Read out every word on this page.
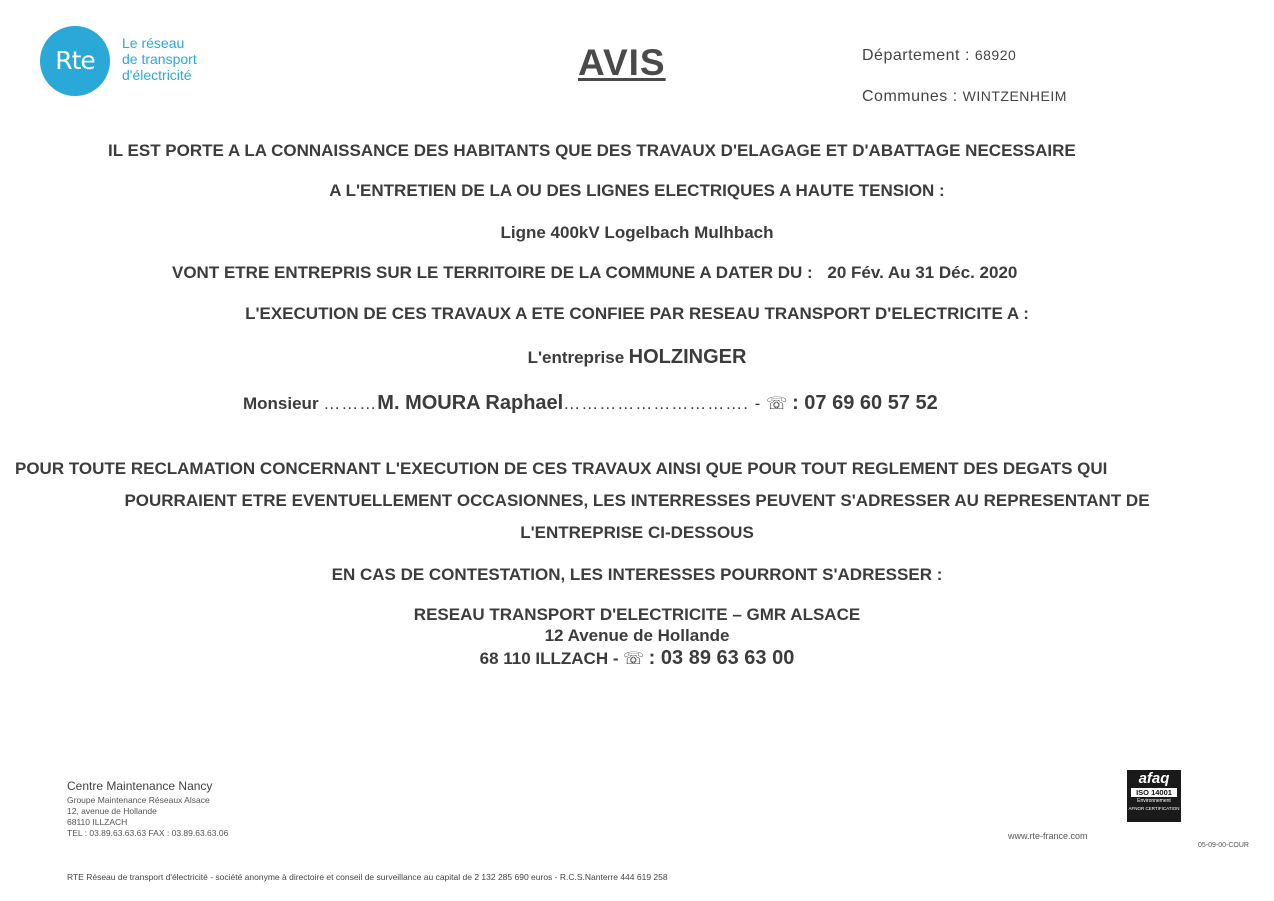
Rte
Le réseau
de transport
d'électricité	AVIS	Département : 68920
Communes : WINTZENHEIM
IL EST PORTE A LA CONNAISSANCE DES HABITANTS QUE DES TRAVAUX D'ELAGAGE ET D'ABATTAGE NECESSAIRE
A L'ENTRETIEN DE LA OU DES LIGNES ELECTRIQUES A HAUTE TENSION :
Ligne 400kV Logelbach Mulhbach
VONT ETRE ENTREPRIS SUR LE TERRITOIRE DE LA COMMUNE A DATER DU : 20 Fév. Au 31 Déc. 2020
L'EXECUTION DE CES TRAVAUX A ETE CONFIEE PAR RESEAU TRANSPORT D'ELECTRICITE A :
L'entreprise HOLZINGER
Monsieur ………M. MOURA Raphael…………………………. - ☏ : 07 69 60 57 52
POUR TOUTE RECLAMATION CONCERNANT L'EXECUTION DE CES TRAVAUX AINSI QUE POUR TOUT REGLEMENT DES DEGATS QUI
POURRAIENT ETRE EVENTUELLEMENT OCCASIONNES, LES INTERRESSES PEUVENT S'ADRESSER AU REPRESENTANT DE
L'ENTREPRISE CI-DESSOUS
EN CAS DE CONTESTATION, LES INTERESSES POURRONT S'ADRESSER :
RESEAU TRANSPORT D'ELECTRICITE – GMR ALSACE
12 Avenue de Hollande
68 110 ILLZACH - ☏ : 03 89 63 63 00
Centre Maintenance Nancy
Groupe Maintenance Réseaux Alsace
12, avenue de Hollande
68110 ILLZACH
TEL : 03.89.63.63.63 FAX : 03.89.63.63.06
afaq
ISO 14001
Environnement
AFNOR CERTIFICATION
www.rte-france.com
05-09-00-COUR
RTE Réseau de transport d'électricité - société anonyme à directoire et conseil de surveillance au capital de 2 132 285 690 euros - R.C.S.Nanterre 444 619 258
